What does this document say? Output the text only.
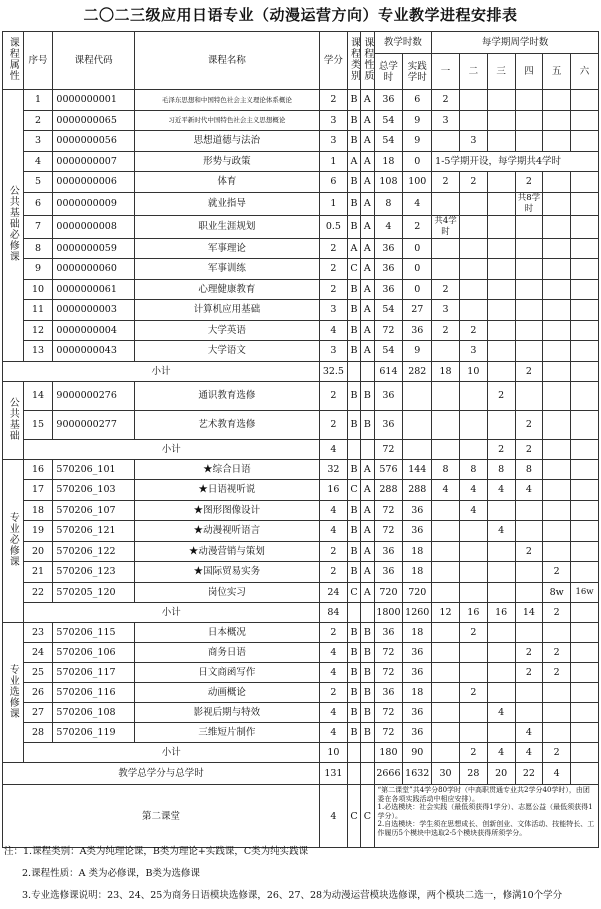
二〇二三级应用日语专业（动漫运营方向）专业教学进程安排表
课程属性	序号	课程代码	课程名称	学分	课程类别	课程性质	教学时数		每学期周学时数					
							总学时	实践学时	一	二	三	四	五	六
公共基础必修课	1	0000000001	毛泽东思想和中国特色社会主义理论体系概论	2	B	A	36	6	2					
	2	0000000065	习近平新时代中国特色社会主义思想概论	3	B	A	54	9	3					
	3	0000000056	思想道德与法治	3	B	A	54	9		3				
	4	0000000007	形势与政策	1	A	A	18	0	1-5学期开设，每学期共4学时					
	5	0000000006	体育	6	B	A	108	100	2	2		2		
	6	0000000009	就业指导	1	B	A	8	4				共8学时		
	7	0000000008	职业生涯规划	0.5	B	A	4	2	共4学时					
	8	0000000059	军事理论	2	A	A	36	0						
	9	0000000060	军事训练	2	C	A	36	0						
	10	0000000061	心理健康教育	2	B	A	36	0	2					
	11	0000000003	计算机应用基础	3	B	A	54	27	3					
	12	0000000004	大学英语	4	B	A	72	36	2	2				
	13	0000000043	大学语文	3	B	A	54	9		3				
小计				32.5			614	282	18	10		2		
公共基础	14	9000000276	通识教育选修	2	B	B	36				2			
	15	9000000277	艺术教育选修	2	B	B	36					2		
	小计			4			72				2	2		
专业必修课	16	570206_101	★综合日语	32	B	A	576	144	8	8	8	8		
	17	570206_103	★日语视听说	16	C	A	288	288	4	4	4	4		
	18	570206_107	★图形图像设计	4	B	A	72	36		4				
	19	570206_121	★动漫视听语言	4	B	A	72	36			4			
	20	570206_122	★动漫营销与策划	2	B	A	36	18				2		
	21	570206_123	★国际贸易实务	2	B	A	36	18					2	
	22	570205_120	岗位实习	24	C	A	720	720					8w	16w
	小计			84			1800	1260	12	16	16	14	2	
专业选修课	23	570206_115	日本概况	2	B	B	36	18		2				
	24	570206_106	商务日语	4	B	B	72	36				2	2	
	25	570206_117	日文商函写作	4	B	B	72	36				2	2	
	26	570206_116	动画概论	2	B	B	36	18		2				
	27	570206_108	影视后期与特效	4	B	B	72	36			4			
	28	570206_119	三维短片制作	4	B	B	72	36				4		
	小计			10			180	90		2	4	4	2	
教学总学分与总学时				131			2666	1632	30	28	20	22	4	
第二课堂				4	C	C	“第二课堂”共4学分80学时（中高职贯通专业共2学分40学时），由团委在各项实践活动中相应安排）。
1.必选模块：社会实践（最低须获得1学分）、志愿公益（最低须获得1学分）。
2.自选模块：学生须在思想成长、创新创业、文体活动、技能特长、工作履历5个模块中选取2-5个模块获得所须学分。							
注：1.课程类别：A类为纯理论课，B类为理论+实践课，C类为纯实践课
2.课程性质：A 类为必修课，B类为选修课
3.专业选修课说明：23、24、25为商务日语模块选修课，26、27、28为动漫运营模块选修课，两个模块二选一，修满10个学分
